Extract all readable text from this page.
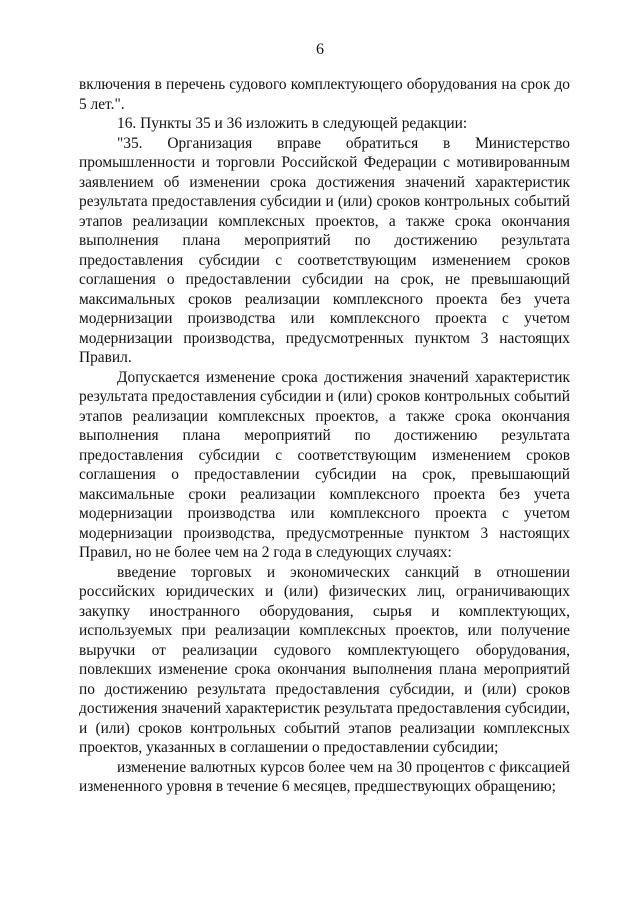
6

включения в перечень судового комплектующего оборудования на срок до 5 лет.".

16. Пункты 35 и 36 изложить в следующей редакции:

"35. Организация вправе обратиться в Министерство промышленности и торговли Российской Федерации с мотивированным заявлением об изменении срока достижения значений характеристик результата предоставления субсидии и (или) сроков контрольных событий этапов реализации комплексных проектов, а также срока окончания выполнения плана мероприятий по достижению результата предоставления субсидии с соответствующим изменением сроков соглашения о предоставлении субсидии на срок, не превышающий максимальных сроков реализации комплексного проекта без учета модернизации производства или комплексного проекта с учетом модернизации производства, предусмотренных пунктом 3 настоящих Правил.

Допускается изменение срока достижения значений характеристик результата предоставления субсидии и (или) сроков контрольных событий этапов реализации комплексных проектов, а также срока окончания выполнения плана мероприятий по достижению результата предоставления субсидии с соответствующим изменением сроков соглашения о предоставлении субсидии на срок, превышающий максимальные сроки реализации комплексного проекта без учета модернизации производства или комплексного проекта с учетом модернизации производства, предусмотренные пунктом 3 настоящих Правил, но не более чем на 2 года в следующих случаях:

введение торговых и экономических санкций в отношении российских юридических и (или) физических лиц, ограничивающих закупку иностранного оборудования, сырья и комплектующих, используемых при реализации комплексных проектов, или получение выручки от реализации судового комплектующего оборудования, повлекших изменение срока окончания выполнения плана мероприятий по достижению результата предоставления субсидии, и (или) сроков достижения значений характеристик результата предоставления субсидии, и (или) сроков контрольных событий этапов реализации комплексных проектов, указанных в соглашении о предоставлении субсидии;

изменение валютных курсов более чем на 30 процентов с фиксацией измененного уровня в течение 6 месяцев, предшествующих обращению;
